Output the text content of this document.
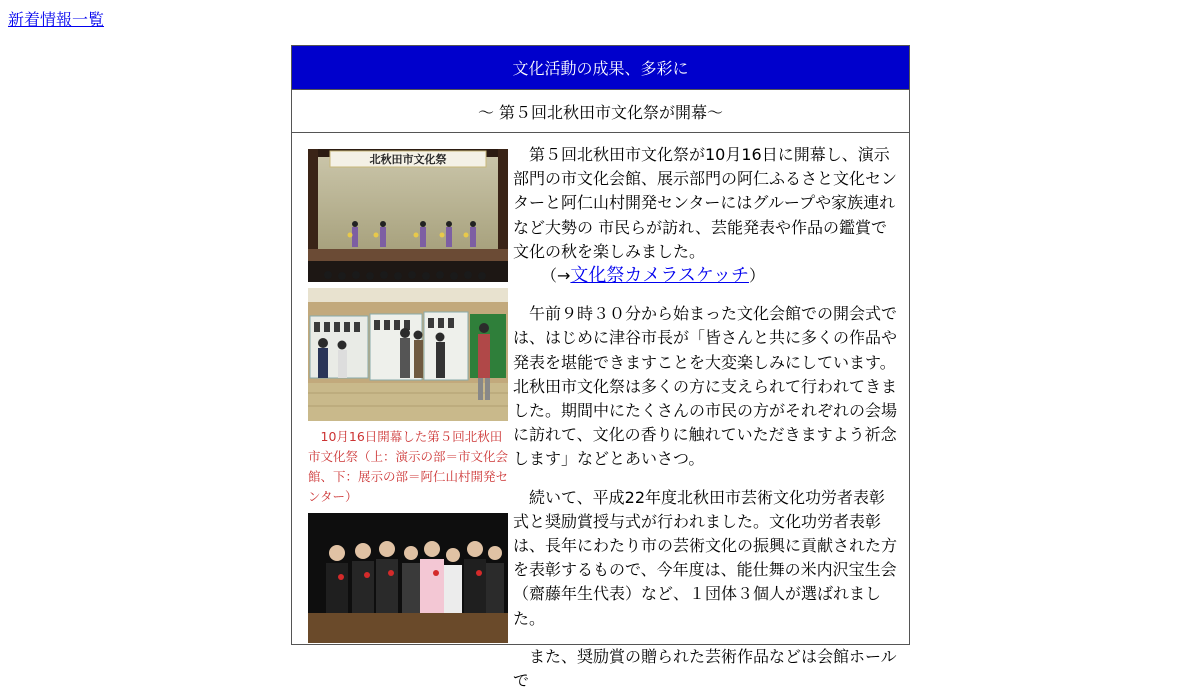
新着情報一覧
文化活動の成果、多彩に
～ 第５回北秋田市文化祭が開幕～
北秋田市文化祭
10月16日開幕した第５回北秋田市文化祭（上：演示の部＝市文化会館、下：展示の部＝阿仁山村開発センター）

第５回北秋田市文化祭が10月16日に開幕し、演示部門の市文化会館、展示部門の阿仁ふるさと文化センターと阿仁山村開発センターにはグループや家族連れなど大勢の 市民らが訪れ、芸能発表や作品の鑑賞で文化の秋を楽しみました。

（→文化祭カメラスケッチ）

午前９時３０分から始まった文化会館での開会式では、はじめに津谷市長が「皆さんと共に多くの作品や発表を堪能できますことを大変楽しみにしています。北秋田市文化祭は多くの方に支えられて行われてきました。期間中にたくさんの市民の方がそれぞれの会場に訪れて、文化の香りに触れていただきますよう祈念します」などとあいさつ。

続いて、平成22年度北秋田市芸術文化功労者表彰式と奨励賞授与式が行われました。文化功労者表彰は、長年にわたり市の芸術文化の振興に貢献された方を表彰するもので、今年度は、能仕舞の米内沢宝生会（齋藤年生代表）など、１団体３個人が選ばれました。

また、奨励賞の贈られた芸術作品などは会館ホールで
